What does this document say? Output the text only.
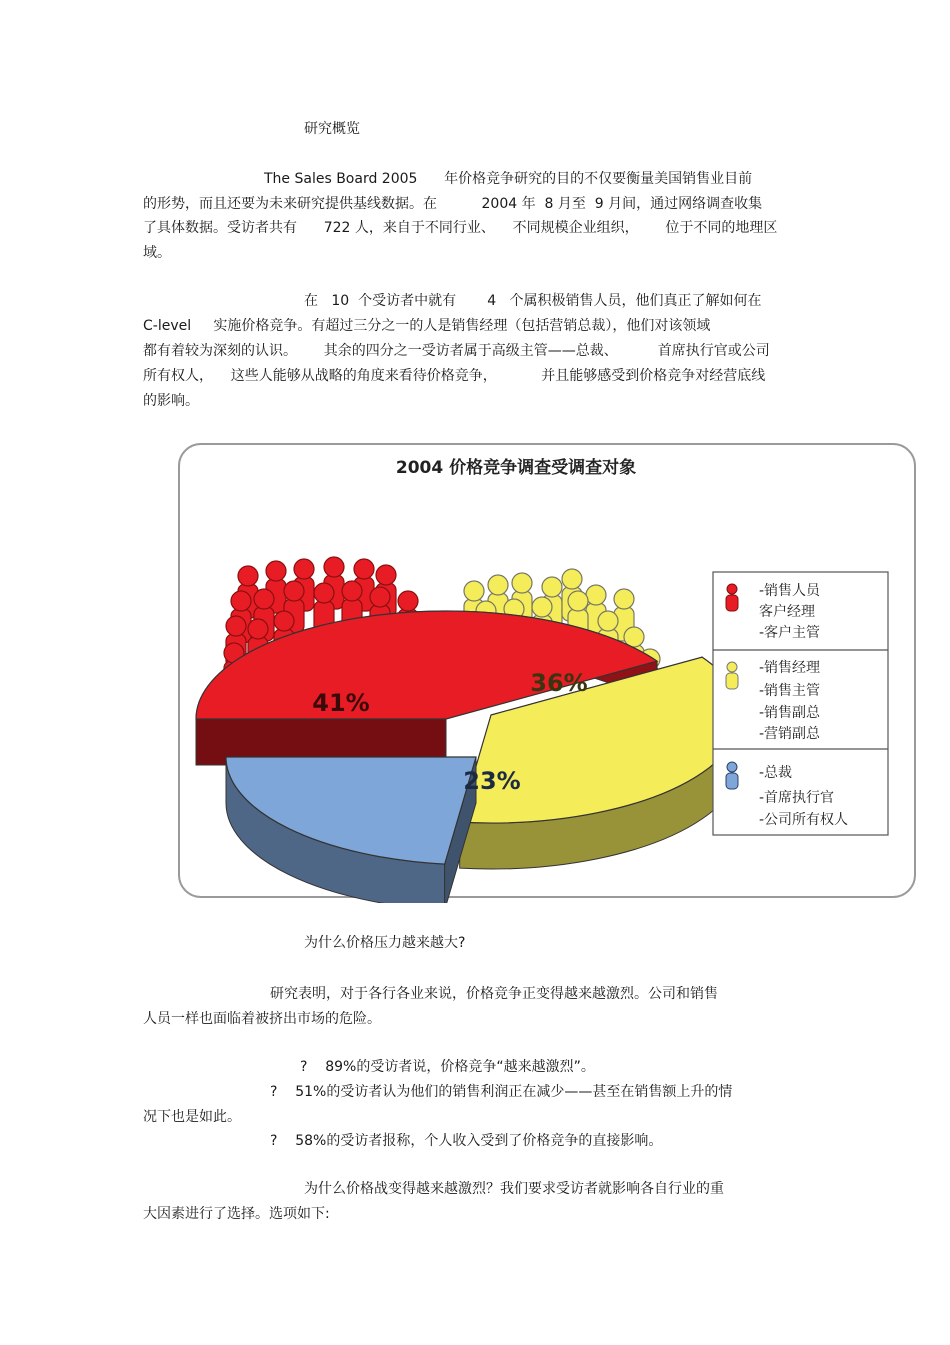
研究概览
The Sales Board 2005      年价格竞争研究的目的不仅要衡量美国销售业目前
的形势，而且还要为未来研究提供基线数据。在          2004 年  8 月至  9 月间，通过网络调查收集
了具体数据。受访者共有      722 人，来自于不同行业、    不同规模企业组织，      位于不同的地理区
域。
在   10  个受访者中就有       4   个属积极销售人员，他们真正了解如何在
C-level     实施价格竞争。有超过三分之一的人是销售经理（包括营销总裁），他们对该领域
都有着较为深刻的认识。      其余的四分之一受访者属于高级主管——总裁、         首席执行官或公司
所有权人，    这些人能够从战略的角度来看待价格竞争，          并且能够感受到价格竞争对经营底线
的影响。
2004 价格竞争调查受调查对象
41%
36%
23%
-销售人员
客户经理
-客户主管
-销售经理
-销售主管
-销售副总
-营销副总
-总裁
-首席执行官
-公司所有权人
为什么价格压力越来越大?
研究表明，对于各行各业来说，价格竞争正变得越来越激烈。公司和销售
人员一样也面临着被挤出市场的危险。
?    89%的受访者说，价格竞争“越来越激烈”。
?    51%的受访者认为他们的销售利润正在减少——甚至在销售额上升的情
况下也是如此。
?    58%的受访者报称，个人收入受到了价格竞争的直接影响。
为什么价格战变得越来越激烈？我们要求受访者就影响各自行业的重
大因素进行了选择。选项如下:
